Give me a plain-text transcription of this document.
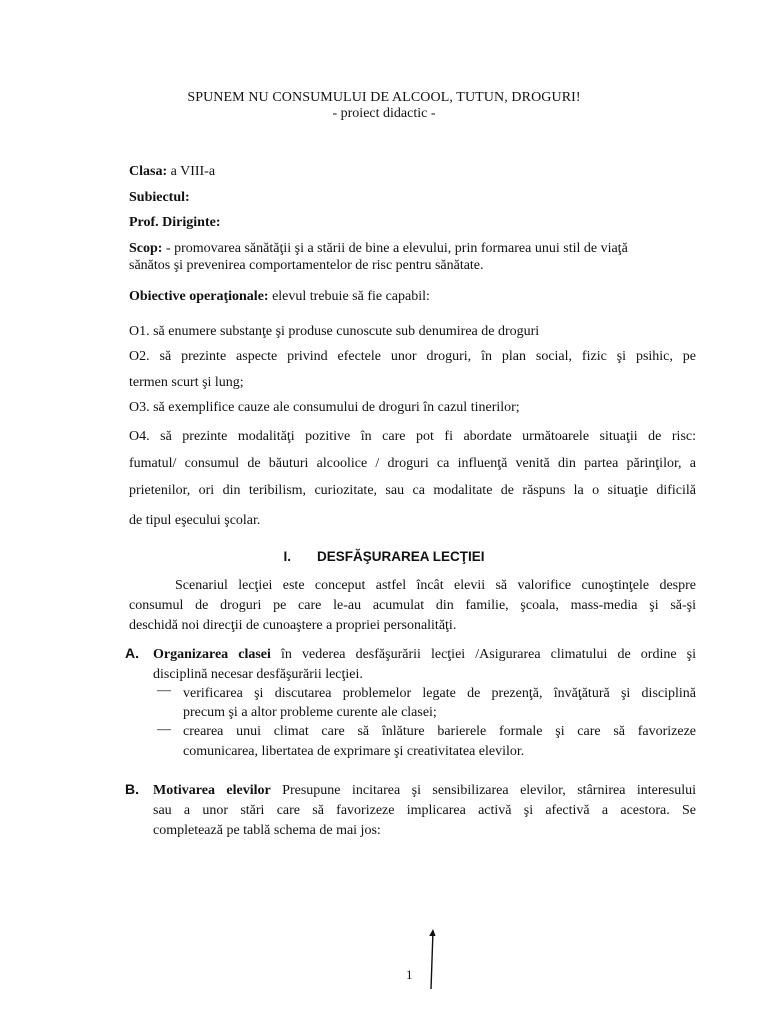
SPUNEM NU CONSUMULUI DE ALCOOL, TUTUN, DROGURI!
- proiect didactic -
Clasa: a VIII-a
Subiectul:
Prof. Diriginte:
Scop: - promovarea sănătăţii şi a stării de bine a elevului, prin formarea unui stil de viaţă
sănătos şi prevenirea comportamentelor de risc pentru sănătate.
Obiective operaţionale: elevul trebuie să fie capabil:
O1. să enumere substanţe şi produse cunoscute sub denumirea de droguri
O2. să prezinte aspecte privind efectele unor droguri, în plan social, fizic şi psihic, pe
termen scurt şi lung;
O3. să exemplifice cauze ale consumului de droguri în cazul tinerilor;
O4. să prezinte modalităţi pozitive în care pot fi abordate următoarele situaţii de risc:
fumatul/ consumul de băuturi alcoolice / droguri ca influenţă venită din partea părinţilor, a
prietenilor, ori din teribilism, curiozitate, sau ca modalitate de răspuns la o situaţie dificilă
de tipul eşecului şcolar.
I. DESFĂŞURAREA LECŢIEI
Scenariul lecţiei este conceput astfel încât elevii să valorifice cunoştinţele despre
consumul de droguri pe care le-au acumulat din familie, şcoala, mass-media şi să-şi
deschidă noi direcţii de cunoaştere a propriei personalităţi.
A. Organizarea clasei în vederea desfăşurării lecţiei /Asigurarea climatului de ordine şi
disciplină necesar desfăşurării lecţiei.
― verificarea şi discutarea problemelor legate de prezenţă, învăţătură şi disciplină
precum şi a altor probleme curente ale clasei;
― crearea unui climat care să înlăture barierele formale şi care să favorizeze
comunicarea, libertatea de exprimare şi creativitatea elevilor.
B. Motivarea elevilor Presupune incitarea şi sensibilizarea elevilor, stârnirea interesului
sau a unor stări care să favorizeze implicarea activă şi afectivă a acestora. Se
completează pe tablă schema de mai jos:
1
